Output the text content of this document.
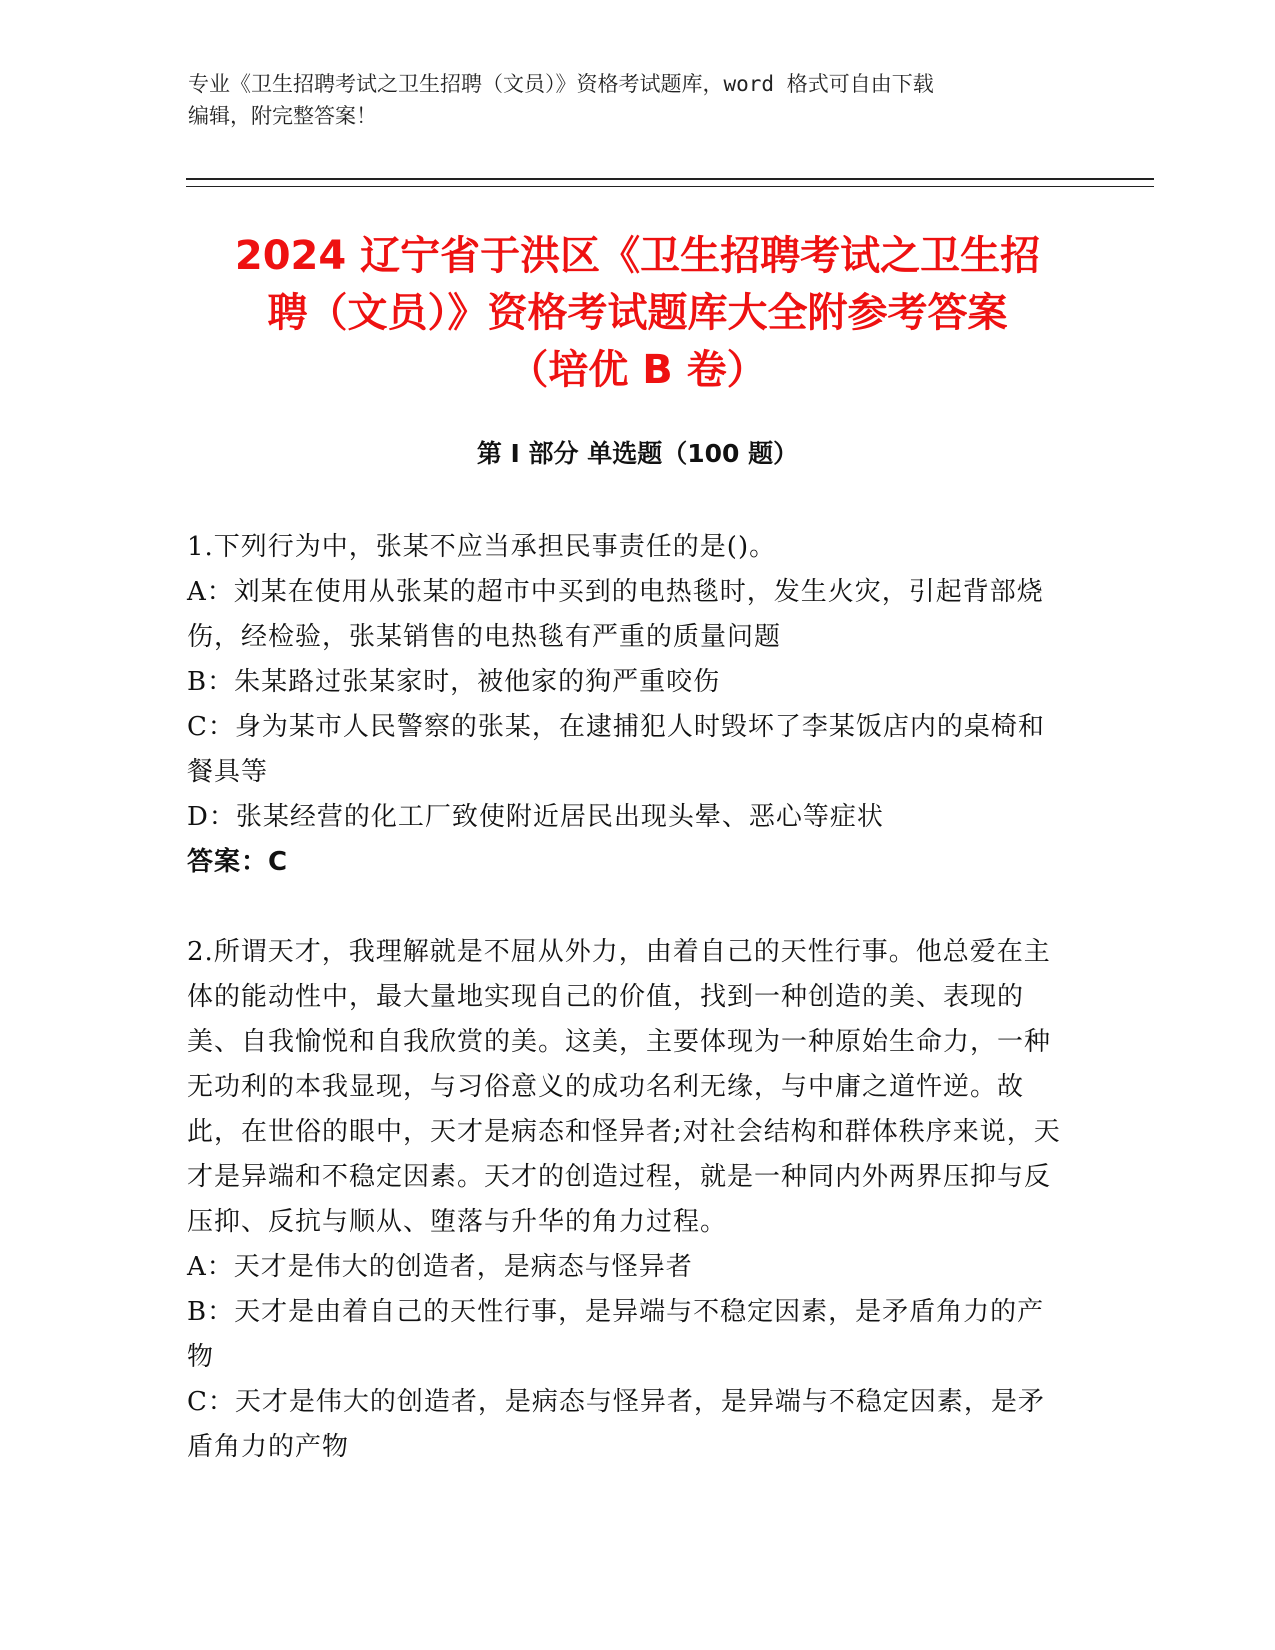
专业《卫生招聘考试之卫生招聘（文员）》资格考试题库，word 格式可自由下载
编辑，附完整答案！
2024 辽宁省于洪区《卫生招聘考试之卫生招
聘（文员）》资格考试题库大全附参考答案
（培优 B 卷）
第 I 部分 单选题（100 题）

1.下列行为中，张某不应当承担民事责任的是()。

A：刘某在使用从张某的超市中买到的电热毯时，发生火灾，引起背部烧伤，经检验，张某销售的电热毯有严重的质量问题

B：朱某路过张某家时，被他家的狗严重咬伤

C：身为某市人民警察的张某，在逮捕犯人时毁坏了李某饭店内的桌椅和餐具等

D：张某经营的化工厂致使附近居民出现头晕、恶心等症状

答案：C

2.所谓天才，我理解就是不屈从外力，由着自己的天性行事。他总爱在主体的能动性中，最大量地实现自己的价值，找到一种创造的美、表现的美、自我愉悦和自我欣赏的美。这美，主要体现为一种原始生命力，一种无功利的本我显现，与习俗意义的成功名利无缘，与中庸之道忤逆。故此，在世俗的眼中，天才是病态和怪异者;对社会结构和群体秩序来说，天才是异端和不稳定因素。天才的创造过程，就是一种同内外两界压抑与反压抑、反抗与顺从、堕落与升华的角力过程。

A：天才是伟大的创造者，是病态与怪异者

B：天才是由着自己的天性行事，是异端与不稳定因素，是矛盾角力的产物

C：天才是伟大的创造者，是病态与怪异者，是异端与不稳定因素，是矛盾角力的产物
